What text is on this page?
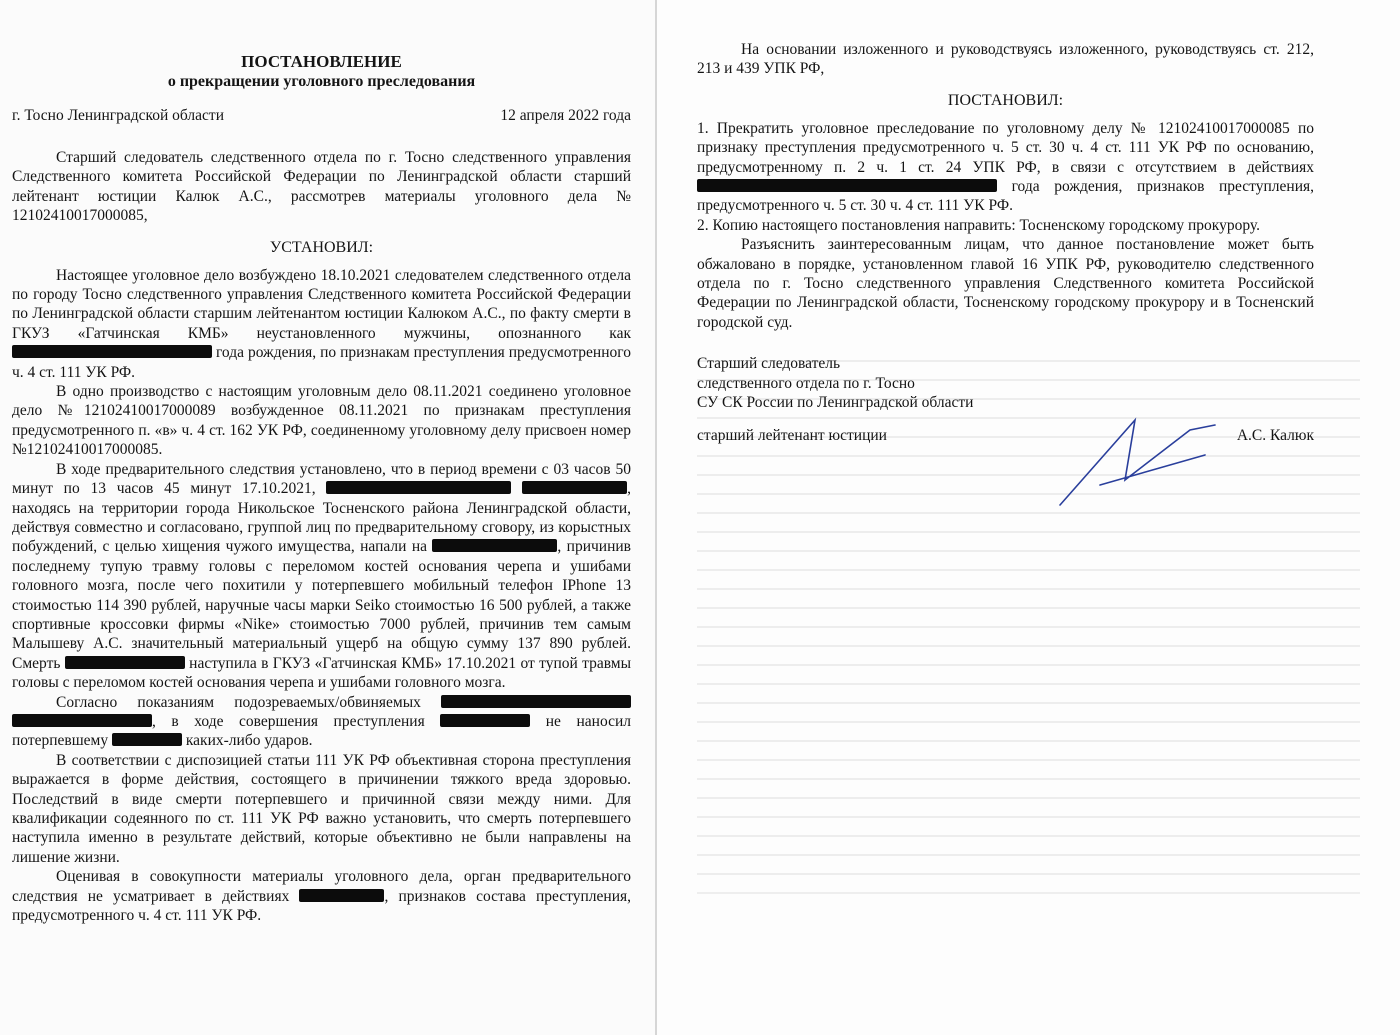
ПОСТАНОВЛЕНИЕ
о прекращении уголовного преследования
г. Тосно Ленинградской области	12 апреля 2022 года

Старший следователь следственного отдела по г. Тосно следственного управления Следственного комитета Российской Федерации по Ленинградской области старший лейтенант юстиции Калюк А.С., рассмотрев материалы уголовного дела № 12102410017000085,

УСТАНОВИЛ:

Настоящее уголовное дело возбуждено 18.10.2021 следователем следственного отдела по городу Тосно следственного управления Следственного комитета Российской Федерации по Ленинградской области старшим лейтенантом юстиции Калюком А.С., по факту смерти в ГКУЗ «Гатчинская КМБ» неустановленного мужчины, опознанного как  года рождения, по признакам преступления предусмотренного ч. 4 ст. 111 УК РФ.

В одно производство с настоящим уголовным дело 08.11.2021 соединено уголовное дело №12102410017000089 возбужденное 08.11.2021 по признакам преступления предусмотренного п. «в» ч. 4 ст. 162 УК РФ, соединенному уголовному делу присвоен номер №12102410017000085.

В ходе предварительного следствия установлено, что в период времени с 03 часов 50 минут по 13 часов 45 минут 17.10.2021,	, находясь на территории города Никольское Тосненского района Ленинградской области, действуя совместно и согласовано, группой лиц по предварительному сговору, из корыстных побуждений, с целью хищения чужого имущества, напали на	, причинив последнему тупую травму головы с переломом костей основания черепа и ушибами головного мозга, после чего похитили у потерпевшего мобильный телефон IPhone 13 стоимостью 114 390 рублей, наручные часы марки Seiko стоимостью 16 500 рублей, а также спортивные кроссовки фирмы «Nike» стоимостью 7000 рублей, причинив тем самым Малышеву А.С. значительный материальный ущерб на общую сумму 137 890 рублей. Смерть	наступила в ГКУЗ «Гатчинская КМБ» 17.10.2021 от тупой травмы головы с переломом костей основания черепа и ушибами головного мозга.

Согласно показаниям подозреваемых/обвиняемых  , в ходе совершения преступления	не наносил потерпевшему	каких-либо ударов.

В соответствии с диспозицией статьи 111 УК РФ объективная сторона преступления выражается в форме действия, состоящего в причинении тяжкого вреда здоровью. Последствий в виде смерти потерпевшего и причинной связи между ними. Для квалификации содеянного по ст. 111 УК РФ важно установить, что смерть потерпевшего наступила именно в результате действий, которые объективно не были направлены на лишение жизни.

Оценивая в совокупности материалы уголовного дела, орган предварительного следствия не усматривает в действиях	, признаков состава преступления, предусмотренного ч. 4 ст. 111 УК РФ.

На основании изложенного и руководствуясь изложенного, руководствуясь ст. 212, 213 и 439 УПК РФ,

ПОСТАНОВИЛ:

1. Прекратить уголовное преследование по уголовному делу № 12102410017000085 по признаку преступления предусмотренного ч. 5 ст. 30 ч. 4 ст. 111 УК РФ по основанию, предусмотренному п. 2 ч. 1 ст. 24 УПК РФ, в связи с отсутствием в действиях  года рождения, признаков преступления, предусмотренного ч. 5 ст. 30 ч. 4 ст. 111 УК РФ.

2. Копию настоящего постановления направить: Тосненскому городскому прокурору.

Разъяснить заинтересованным лицам, что данное постановление может быть обжаловано в порядке, установленном главой 16 УПК РФ, руководителю следственного отдела по г. Тосно следственного управления Следственного комитета Российской Федерации по Ленинградской области, Тосненскому городскому прокурору и в Тосненский городской суд.

Старший следователь
следственного отдела по г. Тосно
СУ СК России по Ленинградской области
старший лейтенант юстиции	А.С. Калюк
